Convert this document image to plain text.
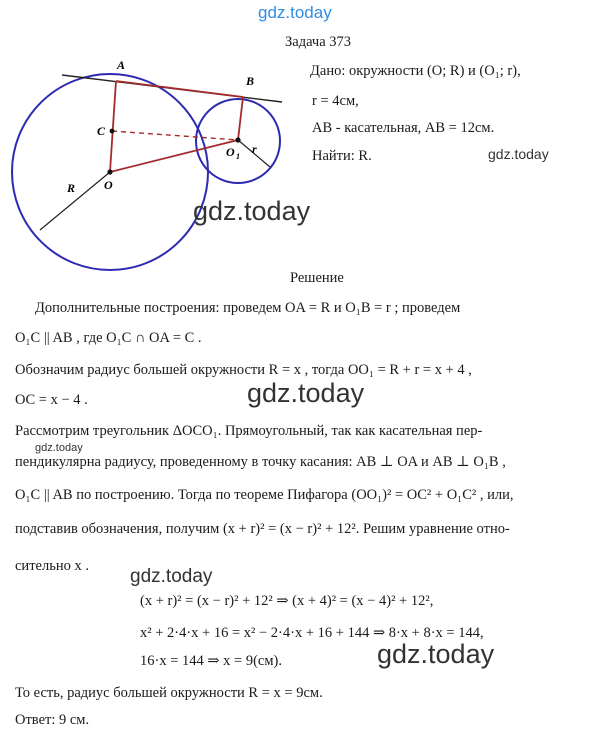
gdz.today
Задача 373
Дано: окружности (O; R) и (O₁; r),
r = 4см,
AB - касательная, AB = 12см.
Найти: R.	gdz.today
A
B
C
O
O 1
R
r
gdz.today
Решение
Дополнительные построения: проведем OA = R и O₁B = r ; проведем
O₁C || AB , где O₁C ∩ OA = C .
Обозначим радиус большей окружности R = x , тогда OO₁ = R + r = x + 4 ,
OC = x − 4 .	gdz.today
Рассмотрим треугольник ΔOCO₁. Прямоугольный, так как касательная пер-
gdz.today
пендикулярна радиусу, проведенному в точку касания: AB ⊥ OA и AB ⊥ O₁B ,
O₁C || AB по построению. Тогда по теореме Пифагора (OO₁)² = OC² + O₁C² , или,
подставив обозначения, получим (x + r)² = (x − r)² + 12². Решим уравнение отно-
сительно x . gdz.today
(x + r)² = (x − r)² + 12² ⇒ (x + 4)² = (x − 4)² + 12²,
x² + 2·4·x + 16 = x² − 2·4·x + 16 + 144 ⇒ 8·x + 8·x = 144,
16·x = 144 ⇒ x = 9(см).	gdz.today
То есть, радиус большей окружности R = x = 9см.
Ответ: 9 см.
